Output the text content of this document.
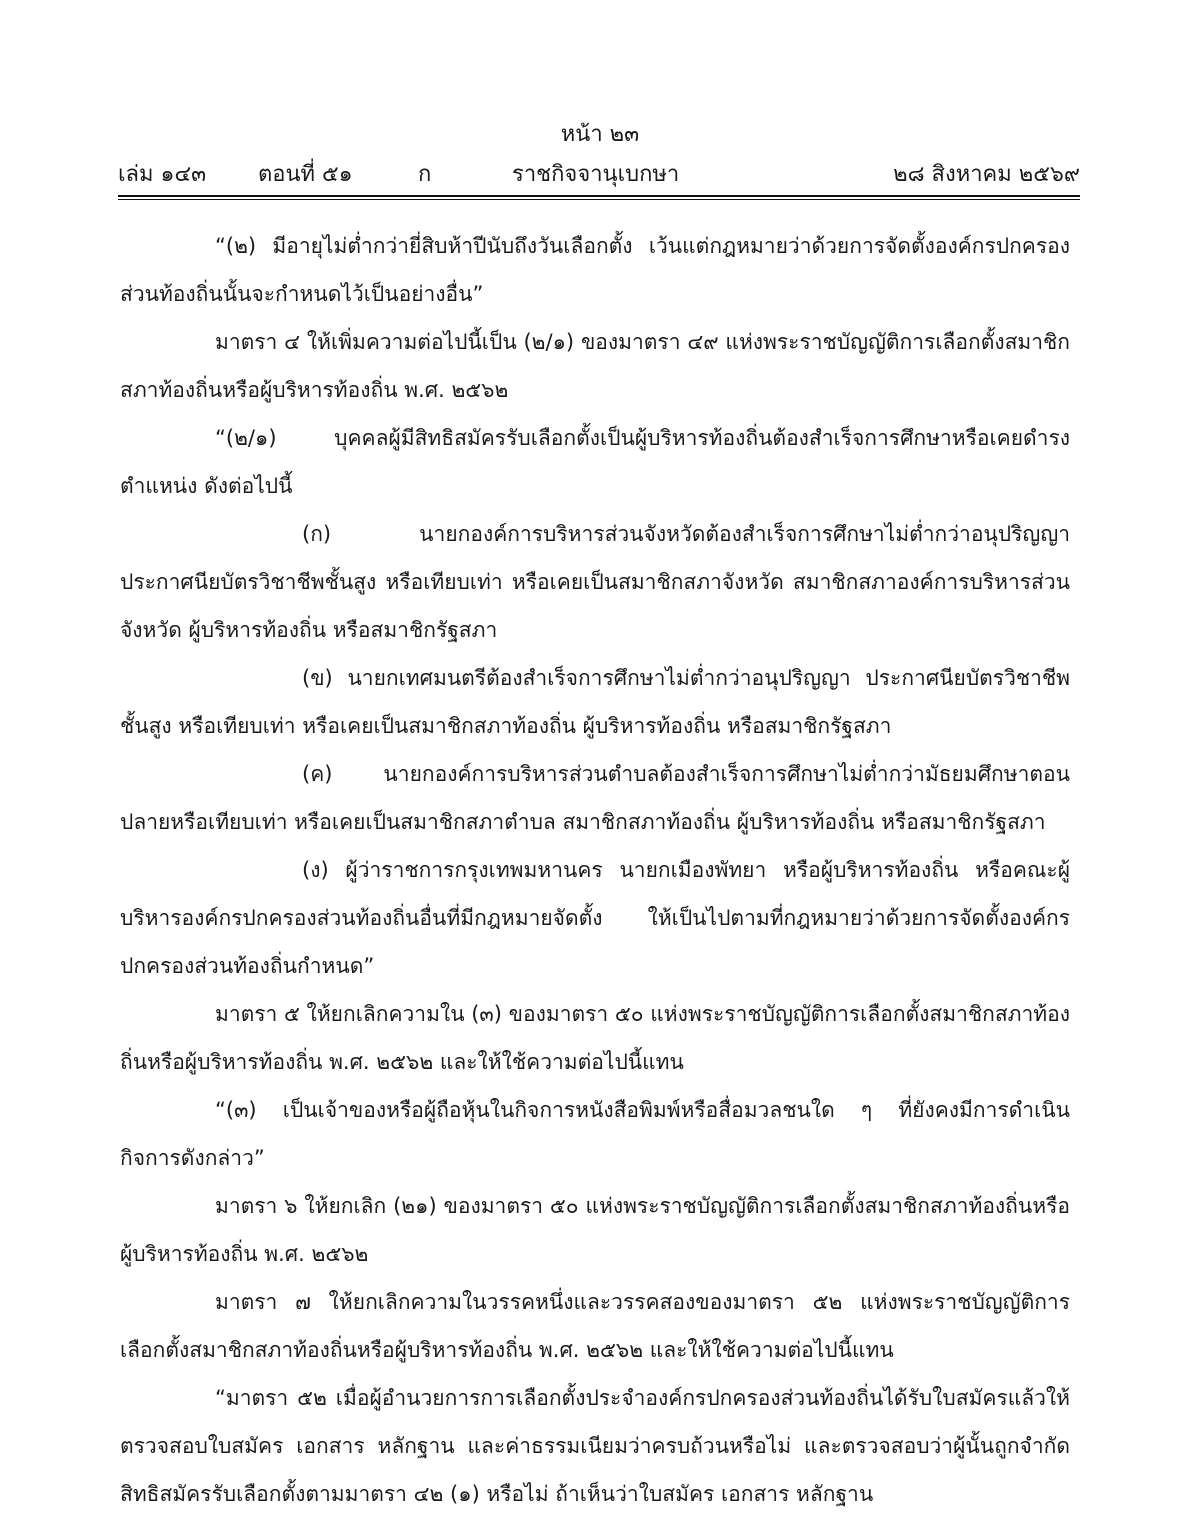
หน้า ๒๓
เล่ม ๑๔๓ ตอนที่ ๕๑	ก	ราชกิจจานุเบกษา	๒๘ สิงหาคม ๒๕๖๙

“(๒) มีอายุไม่ต่ำกว่ายี่สิบห้าปีนับถึงวันเลือกตั้ง เว้นแต่กฎหมายว่าด้วยการจัดตั้งองค์กรปกครองส่วนท้องถิ่นนั้นจะกำหนดไว้เป็นอย่างอื่น”

มาตรา ๔ ให้เพิ่มความต่อไปนี้เป็น (๒/๑) ของมาตรา ๔๙ แห่งพระราชบัญญัติการเลือกตั้งสมาชิกสภาท้องถิ่นหรือผู้บริหารท้องถิ่น พ.ศ. ๒๕๖๒

“(๒/๑) บุคคลผู้มีสิทธิสมัครรับเลือกตั้งเป็นผู้บริหารท้องถิ่นต้องสำเร็จการศึกษาหรือเคยดำรงตำแหน่ง ดังต่อไปนี้

(ก) นายกองค์การบริหารส่วนจังหวัดต้องสำเร็จการศึกษาไม่ต่ำกว่าอนุปริญญา ประกาศนียบัตรวิชาชีพชั้นสูง หรือเทียบเท่า หรือเคยเป็นสมาชิกสภาจังหวัด สมาชิกสภาองค์การบริหารส่วนจังหวัด ผู้บริหารท้องถิ่น หรือสมาชิกรัฐสภา

(ข) นายกเทศมนตรีต้องสำเร็จการศึกษาไม่ต่ำกว่าอนุปริญญา ประกาศนียบัตรวิชาชีพชั้นสูง หรือเทียบเท่า หรือเคยเป็นสมาชิกสภาท้องถิ่น ผู้บริหารท้องถิ่น หรือสมาชิกรัฐสภา

(ค) นายกองค์การบริหารส่วนตำบลต้องสำเร็จการศึกษาไม่ต่ำกว่ามัธยมศึกษาตอนปลายหรือเทียบเท่า หรือเคยเป็นสมาชิกสภาตำบล สมาชิกสภาท้องถิ่น ผู้บริหารท้องถิ่น หรือสมาชิกรัฐสภา

(ง) ผู้ว่าราชการกรุงเทพมหานคร นายกเมืองพัทยา หรือผู้บริหารท้องถิ่น หรือคณะผู้บริหารองค์กรปกครองส่วนท้องถิ่นอื่นที่มีกฎหมายจัดตั้ง ให้เป็นไปตามที่กฎหมายว่าด้วยการจัดตั้งองค์กรปกครองส่วนท้องถิ่นกำหนด”

มาตรา ๕ ให้ยกเลิกความใน (๓) ของมาตรา ๕๐ แห่งพระราชบัญญัติการเลือกตั้งสมาชิกสภาท้องถิ่นหรือผู้บริหารท้องถิ่น พ.ศ. ๒๕๖๒ และให้ใช้ความต่อไปนี้แทน

“(๓) เป็นเจ้าของหรือผู้ถือหุ้นในกิจการหนังสือพิมพ์หรือสื่อมวลชนใด ๆ ที่ยังคงมีการดำเนินกิจการดังกล่าว”

มาตรา ๖ ให้ยกเลิก (๒๑) ของมาตรา ๕๐ แห่งพระราชบัญญัติการเลือกตั้งสมาชิกสภาท้องถิ่นหรือผู้บริหารท้องถิ่น พ.ศ. ๒๕๖๒

มาตรา ๗ ให้ยกเลิกความในวรรคหนึ่งและวรรคสองของมาตรา ๕๒ แห่งพระราชบัญญัติการเลือกตั้งสมาชิกสภาท้องถิ่นหรือผู้บริหารท้องถิ่น พ.ศ. ๒๕๖๒ และให้ใช้ความต่อไปนี้แทน

“มาตรา ๕๒ เมื่อผู้อำนวยการการเลือกตั้งประจำองค์กรปกครองส่วนท้องถิ่นได้รับใบสมัครแล้วให้ตรวจสอบใบสมัคร เอกสาร หลักฐาน และค่าธรรมเนียมว่าครบถ้วนหรือไม่ และตรวจสอบว่าผู้นั้นถูกจำกัดสิทธิสมัครรับเลือกตั้งตามมาตรา ๔๒ (๑) หรือไม่ ถ้าเห็นว่าใบสมัคร เอกสาร หลักฐาน
